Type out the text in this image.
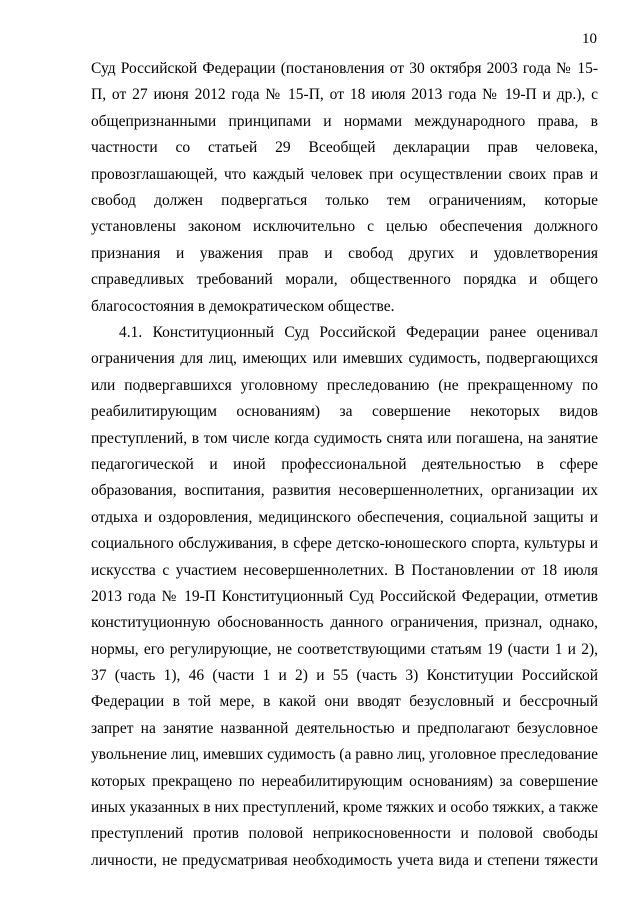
10
Суд Российской Федерации (постановления от 30 октября 2003 года № 15-
П, от 27 июня 2012 года № 15-П, от 18 июля 2013 года № 19-П и др.), с
общепризнанными принципами и нормами международного права, в
частности со статьей 29 Всеобщей декларации прав человека,
провозглашающей, что каждый человек при осуществлении своих прав и
свобод должен подвергаться только тем ограничениям, которые
установлены законом исключительно с целью обеспечения должного
признания и уважения прав и свобод других и удовлетворения
справедливых требований морали, общественного порядка и общего
благосостояния в демократическом обществе.
4.1. Конституционный Суд Российской Федерации ранее оценивал
ограничения для лиц, имеющих или имевших судимость, подвергающихся
или подвергавшихся уголовному преследованию (не прекращенному по
реабилитирующим основаниям) за совершение некоторых видов
преступлений, в том числе когда судимость снята или погашена, на занятие
педагогической и иной профессиональной деятельностью в сфере
образования, воспитания, развития несовершеннолетних, организации их
отдыха и оздоровления, медицинского обеспечения, социальной защиты и
социального обслуживания, в сфере детско-юношеского спорта, культуры и
искусства с участием несовершеннолетних. В Постановлении от 18 июля
2013 года № 19-П Конституционный Суд Российской Федерации, отметив
конституционную обоснованность данного ограничения, признал, однако,
нормы, его регулирующие, не соответствующими статьям 19 (части 1 и 2),
37 (часть 1), 46 (части 1 и 2) и 55 (часть 3) Конституции Российской
Федерации в той мере, в какой они вводят безусловный и бессрочный
запрет на занятие названной деятельностью и предполагают безусловное
увольнение лиц, имевших судимость (а равно лиц, уголовное преследование
которых прекращено по нереабилитирующим основаниям) за совершение
иных указанных в них преступлений, кроме тяжких и особо тяжких, а также
преступлений против половой неприкосновенности и половой свободы
личности, не предусматривая необходимость учета вида и степени тяжести
